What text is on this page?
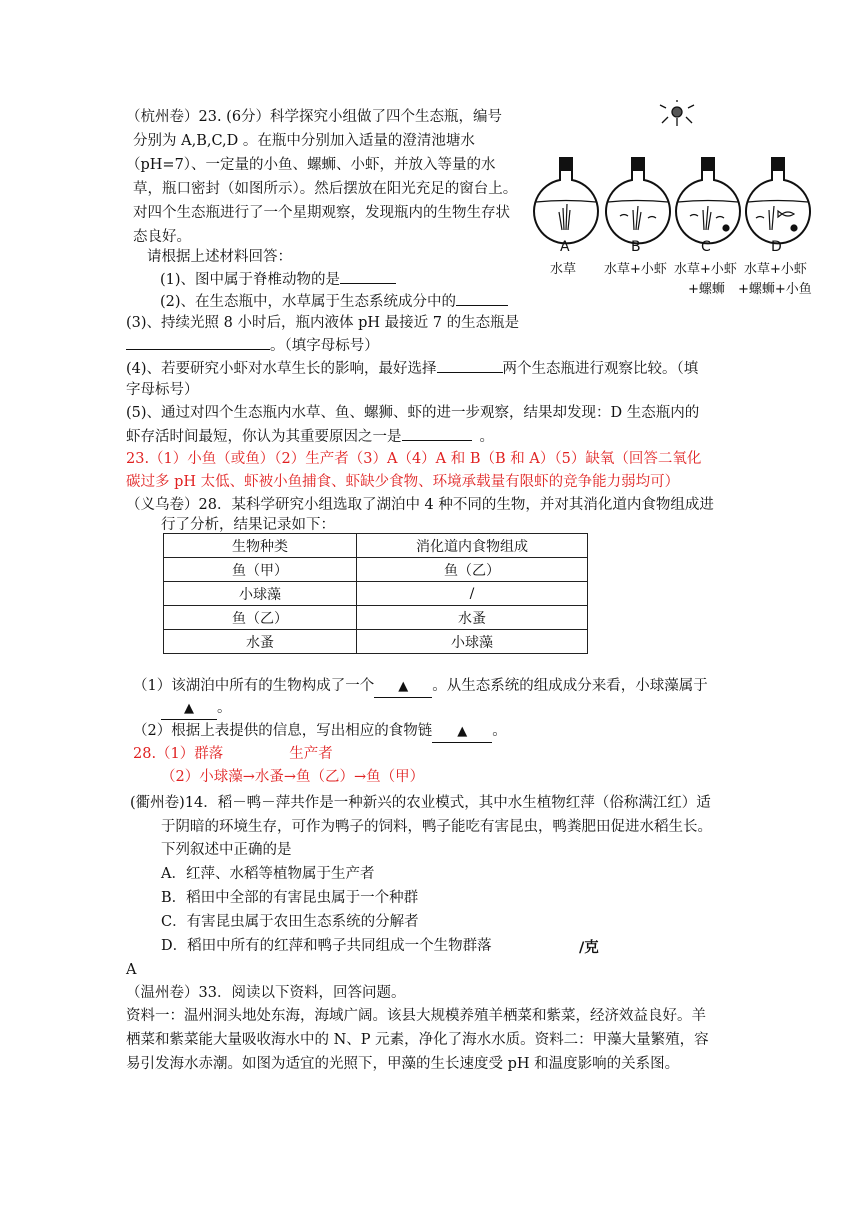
（杭州卷）23. (6分）科学探究小组做了四个生态瓶，编号
分别为 A,B,C,D 。在瓶中分别加入适量的澄清池塘水
（pH=7）、一定量的小鱼、螺蛳、小虾，并放入等量的水
草，瓶口密封（如图所示）。然后摆放在阳光充足的窗台上。
对四个生态瓶进行了一个星期观察，发现瓶内的生物生存状
态良好。
请根据上述材料回答：
(1)、图中属于脊椎动物的是
(2)、在生态瓶中，水草属于生态系统成分中的
(3)、持续光照 8 小时后，瓶内液体 pH 最接近 7 的生态瓶是
。（填字母标号）
(4)、若要研究小虾对水草生长的影响，最好选择	两个生态瓶进行观察比较。（填
字母标号）
(5)、通过对四个生态瓶内水草、鱼、螺狮、虾的进一步观察，结果却发现：D 生态瓶内的
虾存活时间最短，你认为其重要原因之一是	。
23.（1）小鱼（或鱼）（2）生产者（3）A（4）A 和 B（B 和 A）（5）缺氧（回答二氧化
碳过多 pH 太低、虾被小鱼捕食、虾缺少食物、环境承载量有限虾的竞争能力弱均可）
A	B	C	D
水草 水草+小虾 水草+小虾 水草+小虾
+螺蛳 +螺蛳+小鱼
（义乌卷）28．某科学研究小组选取了湖泊中 4 种不同的生物，并对其消化道内食物组成进
行了分析，结果记录如下：
生物种类	消化道内食物组成
鱼（甲）	鱼（乙）
小球藻	/
鱼（乙）	水蚤
水蚤	小球藻
（1）该湖泊中所有的生物构成了一个 ▲ 。从生态系统的组成成分来看，小球藻属于
▲ 。
（2）根据上表提供的信息，写出相应的食物链 ▲ 。
28.（1）群落	生产者
（2）小球藻→水蚤→鱼（乙）→鱼（甲）
(衢州卷)14．稻－鸭－萍共作是一种新兴的农业模式，其中水生植物红萍（俗称满江红）适
于阴暗的环境生存，可作为鸭子的饲料，鸭子能吃有害昆虫，鸭粪肥田促进水稻生长。
下列叙述中正确的是
A．红萍、水稻等植物属于生产者
B．稻田中全部的有害昆虫属于一个种群
C．有害昆虫属于农田生态系统的分解者
D．稻田中所有的红萍和鸭子共同组成一个生物群落	/克
A
（温州卷）33．阅读以下资料，回答问题。
资料一：温州洞头地处东海，海域广阔。该县大规模养殖羊栖菜和紫菜，经济效益良好。羊
栖菜和紫菜能大量吸收海水中的 N、P 元素，净化了海水水质。资料二：甲藻大量繁殖，容
易引发海水赤潮。如图为适宜的光照下，甲藻的生长速度受 pH 和温度影响的关系图。
